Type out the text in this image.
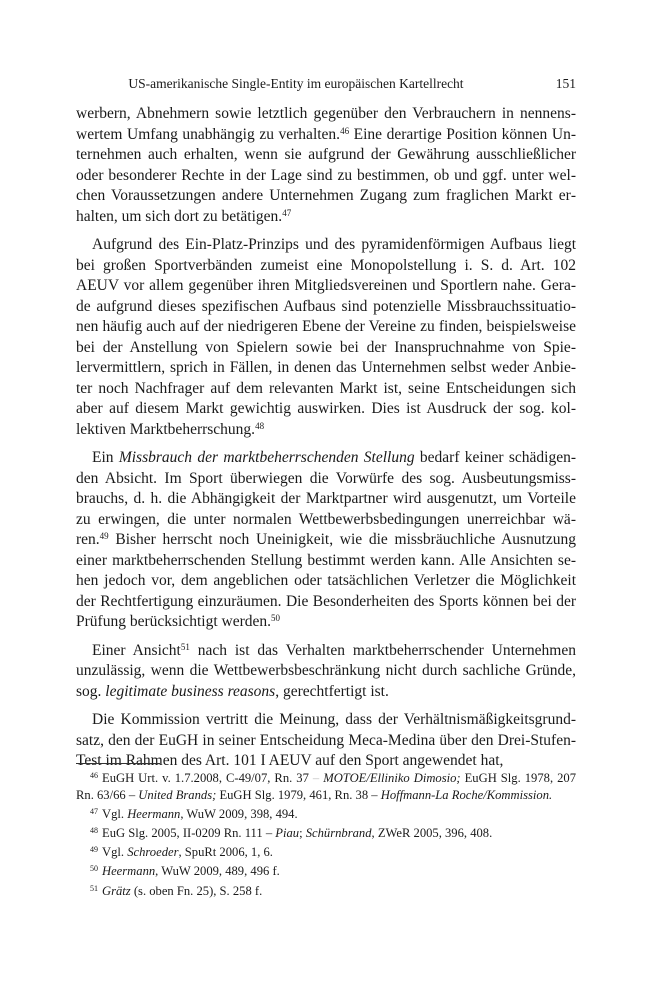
US-amerikanische Single-Entity im europäischen Kartellrecht	151

werbern, Abnehmern sowie letztlich gegenüber den Verbrauchern in nennenswertem Umfang unabhängig zu verhalten.$^{46}$ Eine derartige Position können Unternehmen auch erhalten, wenn sie aufgrund der Gewährung ausschließlicher oder besonderer Rechte in der Lage sind zu bestimmen, ob und ggf. unter welchen Voraussetzungen andere Unternehmen Zugang zum fraglichen Markt erhalten, um sich dort zu betätigen.$^{47}$

Aufgrund des Ein-Platz-Prinzips und des pyramidenförmigen Aufbaus liegt bei großen Sportverbänden zumeist eine Monopolstellung i. S. d. Art. 102 AEUV vor allem gegenüber ihren Mitgliedsvereinen und Sportlern nahe. Gerade aufgrund dieses spezifischen Aufbaus sind potenzielle Missbrauchssituationen häufig auch auf der niedrigeren Ebene der Vereine zu finden, beispielsweise bei der Anstellung von Spielern sowie bei der Inanspruchnahme von Spielervermittlern, sprich in Fällen, in denen das Unternehmen selbst weder Anbieter noch Nachfrager auf dem relevanten Markt ist, seine Entscheidungen sich aber auf diesem Markt gewichtig auswirken. Dies ist Ausdruck der sog. kollektiven Marktbeherrschung.$^{48}$

Ein Missbrauch der marktbeherrschenden Stellung bedarf keiner schädigenden Absicht. Im Sport überwiegen die Vorwürfe des sog. Ausbeutungsmissbrauchs, d. h. die Abhängigkeit der Marktpartner wird ausgenutzt, um Vorteile zu erwingen, die unter normalen Wettbewerbsbedingungen unerreichbar wären.$^{49}$ Bisher herrscht noch Uneinigkeit, wie die missbräuchliche Ausnutzung einer marktbeherrschenden Stellung bestimmt werden kann. Alle Ansichten sehen jedoch vor, dem angeblichen oder tatsächlichen Verletzer die Möglichkeit der Rechtfertigung einzuräumen. Die Besonderheiten des Sports können bei der Prüfung berücksichtigt werden.$^{50}$

Einer Ansicht$^{51}$ nach ist das Verhalten marktbeherrschender Unternehmen unzulässig, wenn die Wettbewerbsbeschränkung nicht durch sachliche Gründe, sog. legitimate business reasons, gerechtfertigt ist.

Die Kommission vertritt die Meinung, dass der Verhältnismäßigkeitsgrundsatz, den der EuGH in seiner Entscheidung Meca-Medina über den Drei-Stufen-Test im Rahmen des Art. 101 I AEUV auf den Sport angewendet hat,

$^{46}$ EuGH Urt. v. 1.7.2008, C-49/07, Rn. 37 – MOTOE/Elliniko Dimosio; EuGH Slg. 1978, 207 Rn. 63/66 – United Brands; EuGH Slg. 1979, 461, Rn. 38 – Hoffmann-La Roche/Kommission.
$^{47}$ Vgl. Heermann, WuW 2009, 398, 494.
$^{48}$ EuG Slg. 2005, II-0209 Rn. 111 – Piau; Schürnbrand, ZWeR 2005, 396, 408.
$^{49}$ Vgl. Schroeder, SpuRt 2006, 1, 6.
$^{50}$ Heermann, WuW 2009, 489, 496 f.
$^{51}$ Grätz (s. oben Fn. 25), S. 258 f.
